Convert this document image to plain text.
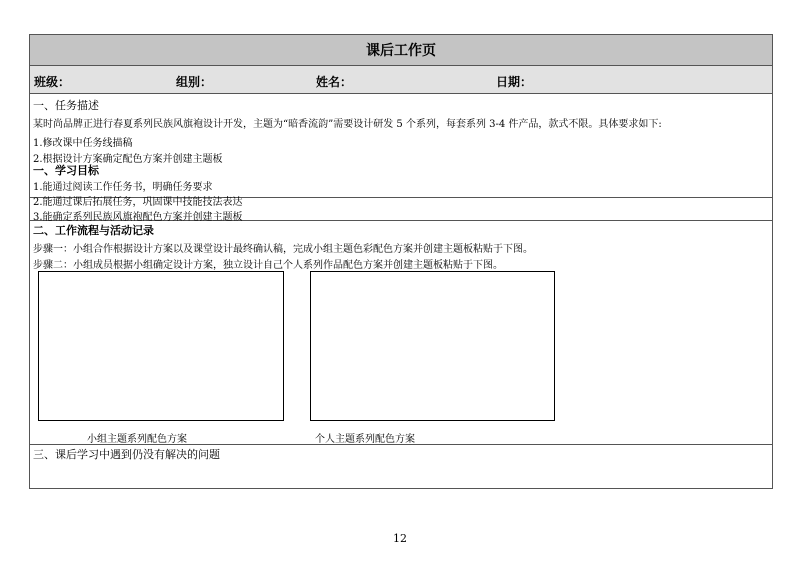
课后工作页
班级：	组别：	姓名：	日期：
一、任务描述
某时尚品牌正进行春夏系列民族风旗袍设计开发，主题为“暗香流韵”需要设计研发 5 个系列，每套系列 3-4 件产品，款式不限。具体要求如下:
1.修改课中任务线描稿
2.根据设计方案确定配色方案并创建主题板
一、学习目标
1.能通过阅读工作任务书，明确任务要求
2.能通过课后拓展任务，巩固课中技能技法表达
3.能确定系列民族风旗袍配色方案并创建主题板
二、工作流程与活动记录
步骤一：小组合作根据设计方案以及课堂设计最终确认稿，完成小组主题色彩配色方案并创建主题板粘贴于下图。
步骤二：小组成员根据小组确定设计方案，独立设计自己个人系列作品配色方案并创建主题板粘贴于下图。
小组主题系列配色方案	个人主题系列配色方案
三、课后学习中遇到仍没有解决的问题
12
